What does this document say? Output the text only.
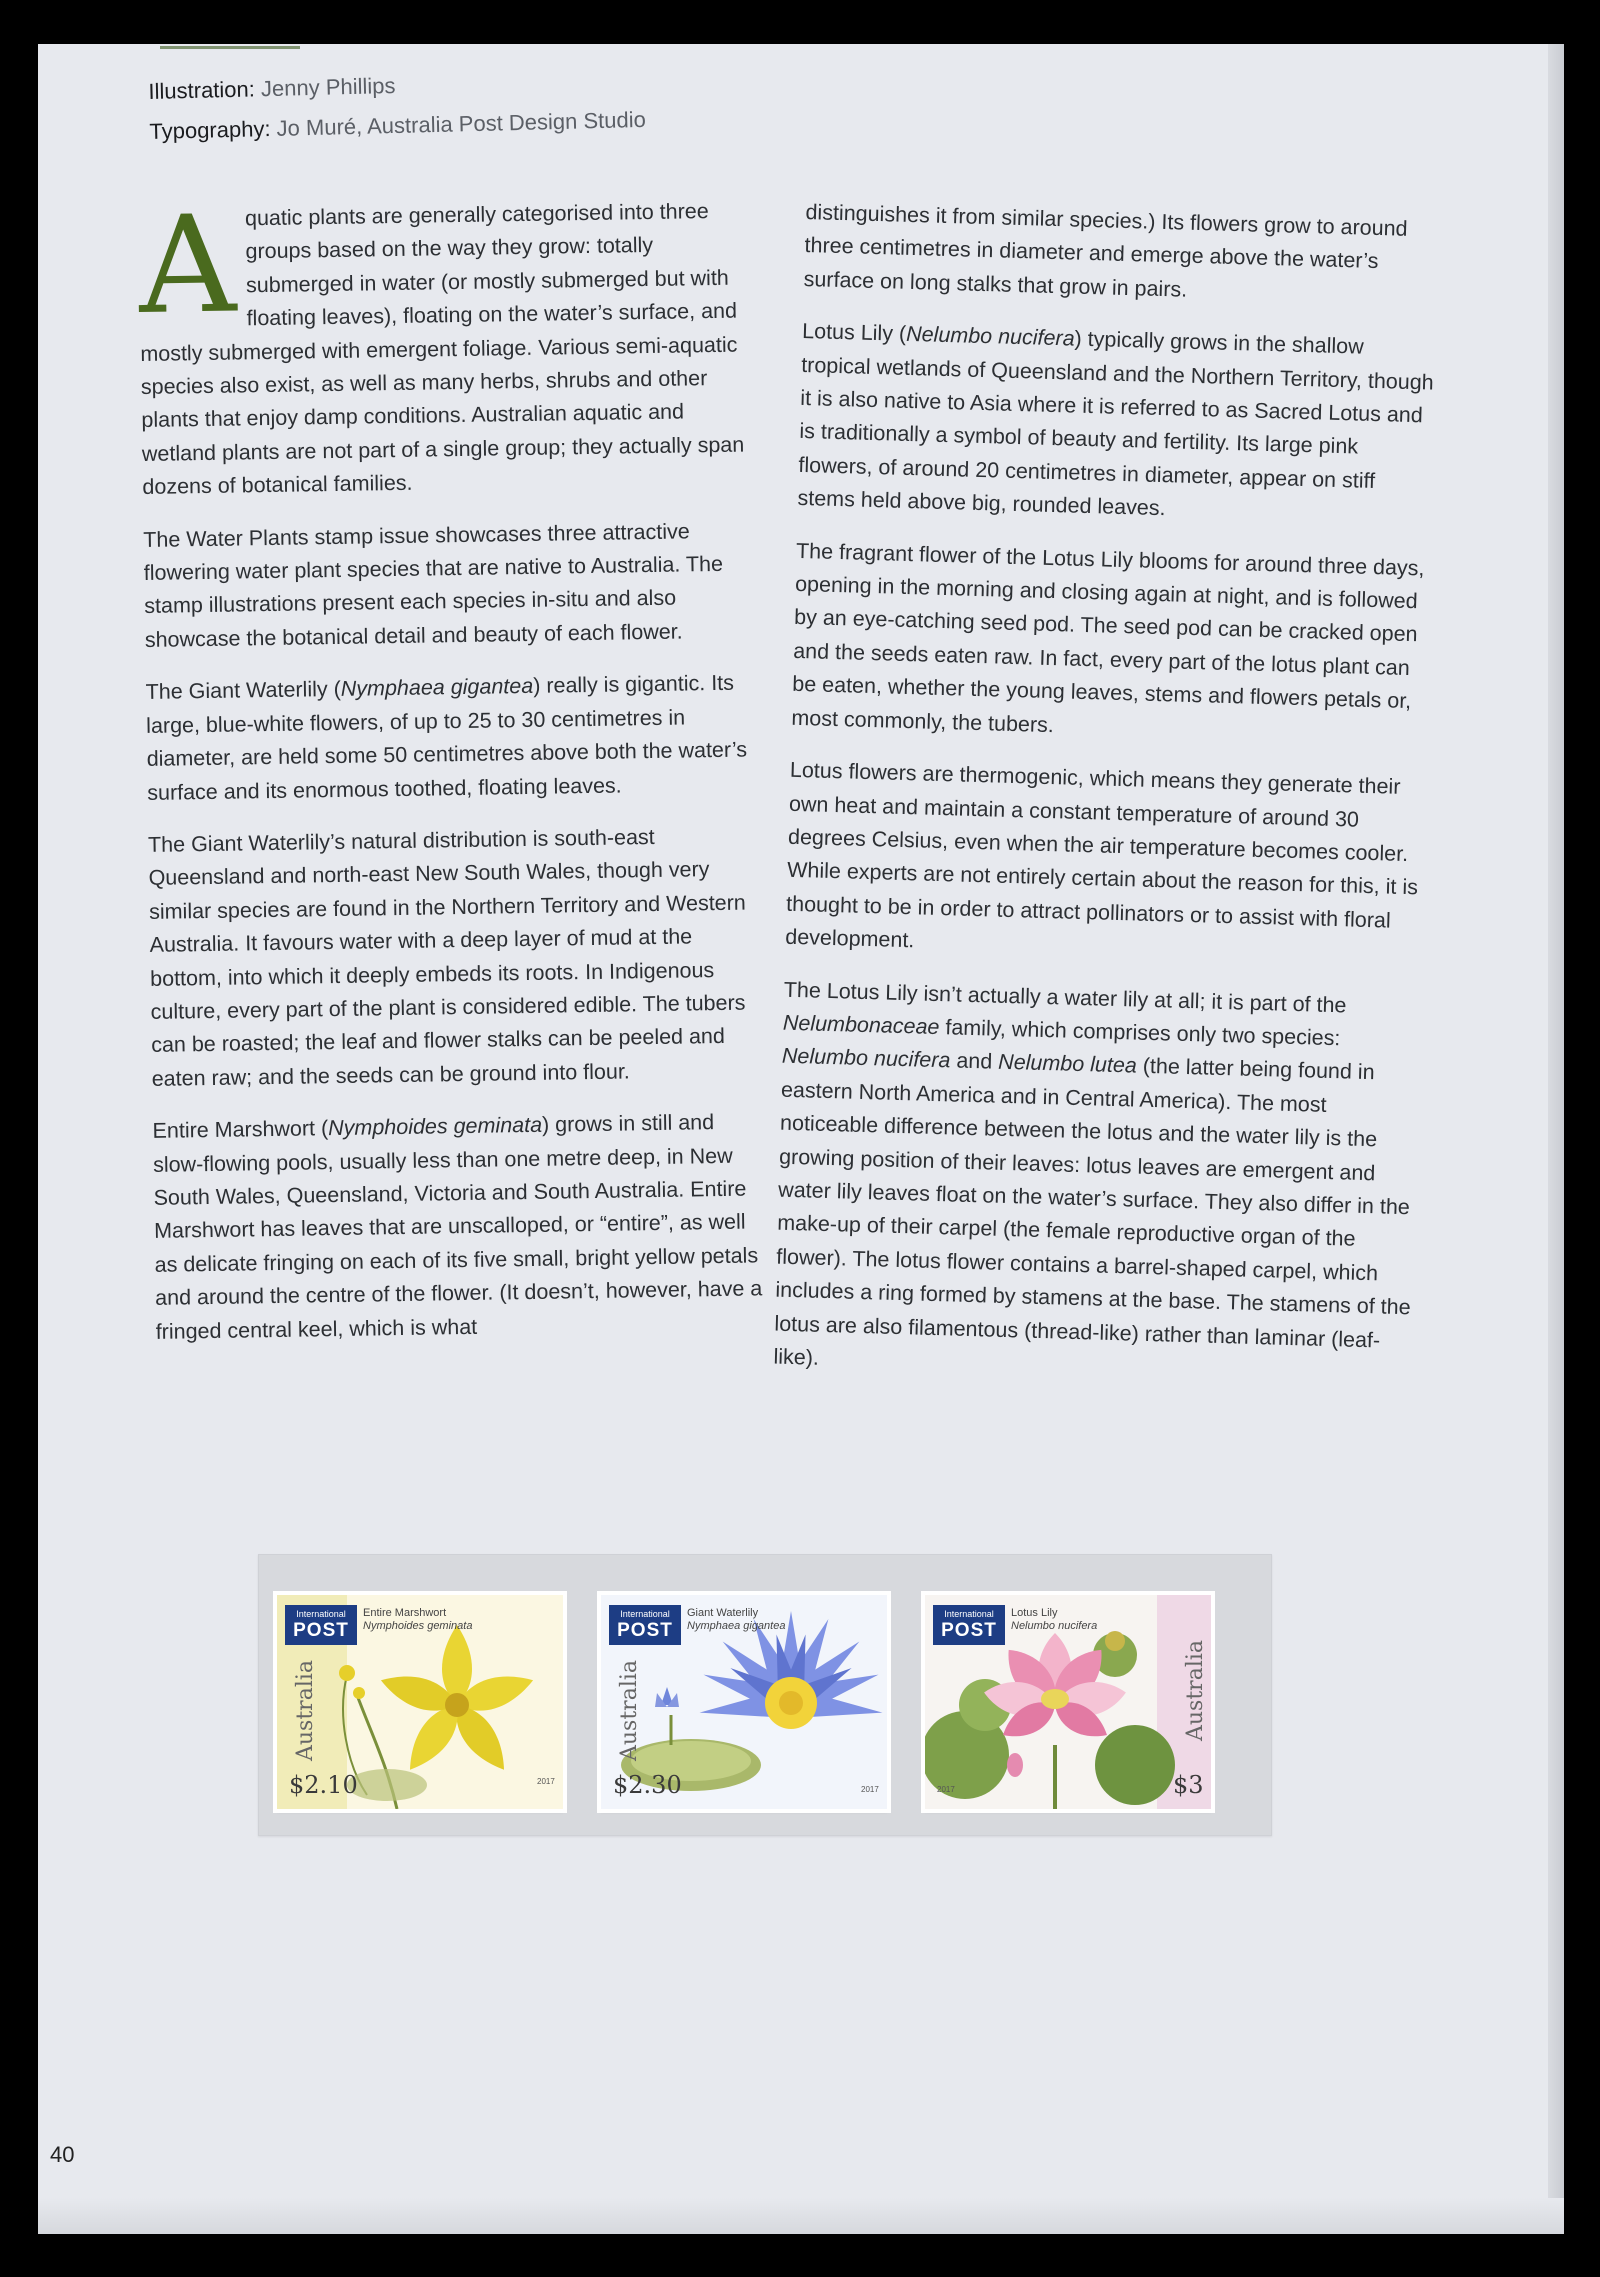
Illustration: Jenny Phillips
Typography: Jo Muré, Australia Post Design Studio

Aquatic plants are generally categorised into three groups based on the way they grow: totally submerged in water (or mostly submerged but with floating leaves), floating on the water’s surface, and mostly submerged with emergent foliage. Various semi-aquatic species also exist, as well as many herbs, shrubs and other plants that enjoy damp conditions. Australian aquatic and wetland plants are not part of a single group; they actually span dozens of botanical families.

The Water Plants stamp issue showcases three attractive flowering water plant species that are native to Australia. The stamp illustrations present each species in-situ and also showcase the botanical detail and beauty of each flower.

The Giant Waterlily (Nymphaea gigantea) really is gigantic. Its large, blue-white flowers, of up to 25 to 30 centimetres in diameter, are held some 50 centimetres above both the water’s surface and its enormous toothed, floating leaves.

The Giant Waterlily’s natural distribution is south-east Queensland and north-east New South Wales, though very similar species are found in the Northern Territory and Western Australia. It favours water with a deep layer of mud at the bottom, into which it deeply embeds its roots. In Indigenous culture, every part of the plant is considered edible. The tubers can be roasted; the leaf and flower stalks can be peeled and eaten raw; and the seeds can be ground into flour.

Entire Marshwort (Nymphoides geminata) grows in still and slow-flowing pools, usually less than one metre deep, in New South Wales, Queensland, Victoria and South Australia. Entire Marshwort has leaves that are unscalloped, or “entire”, as well as delicate fringing on each of its five small, bright yellow petals and around the centre of the flower. (It doesn’t, however, have a fringed central keel, which is what

distinguishes it from similar species.) Its flowers grow to around three centimetres in diameter and emerge above the water’s surface on long stalks that grow in pairs.

Lotus Lily (Nelumbo nucifera) typically grows in the shallow tropical wetlands of Queensland and the Northern Territory, though it is also native to Asia where it is referred to as Sacred Lotus and is traditionally a symbol of beauty and fertility. Its large pink flowers, of around 20 centimetres in diameter, appear on stiff stems held above big, rounded leaves.

The fragrant flower of the Lotus Lily blooms for around three days, opening in the morning and closing again at night, and is followed by an eye-catching seed pod. The seed pod can be cracked open and the seeds eaten raw. In fact, every part of the lotus plant can be eaten, whether the young leaves, stems and flowers petals or, most commonly, the tubers.

Lotus flowers are thermogenic, which means they generate their own heat and maintain a constant temperature of around 30 degrees Celsius, even when the air temperature becomes cooler. While experts are not entirely certain about the reason for this, it is thought to be in order to attract pollinators or to assist with floral development.

The Lotus Lily isn’t actually a water lily at all; it is part of the Nelumbonaceae family, which comprises only two species: Nelumbo nucifera and Nelumbo lutea (the latter being found in eastern North America and in Central America). The most noticeable difference between the lotus and the water lily is the growing position of their leaves: lotus leaves are emergent and water lily leaves float on the water’s surface. They also differ in the make-up of their carpel (the female reproductive organ of the flower). The lotus flower contains a barrel-shaped carpel, which includes a ring formed by stamens at the base. The stamens of the lotus are also filamentous (thread-like) rather than laminar (leaf-like).

International
POST
Entire Marshwort
Nymphoides geminata
Australia
$2.10	2017
International
POST
Giant Waterlily
Nymphaea gigantea
Australia
$2.30	2017
International
POST
Lotus Lily
Nelumbo nucifera
Australia
$3
2017
40
